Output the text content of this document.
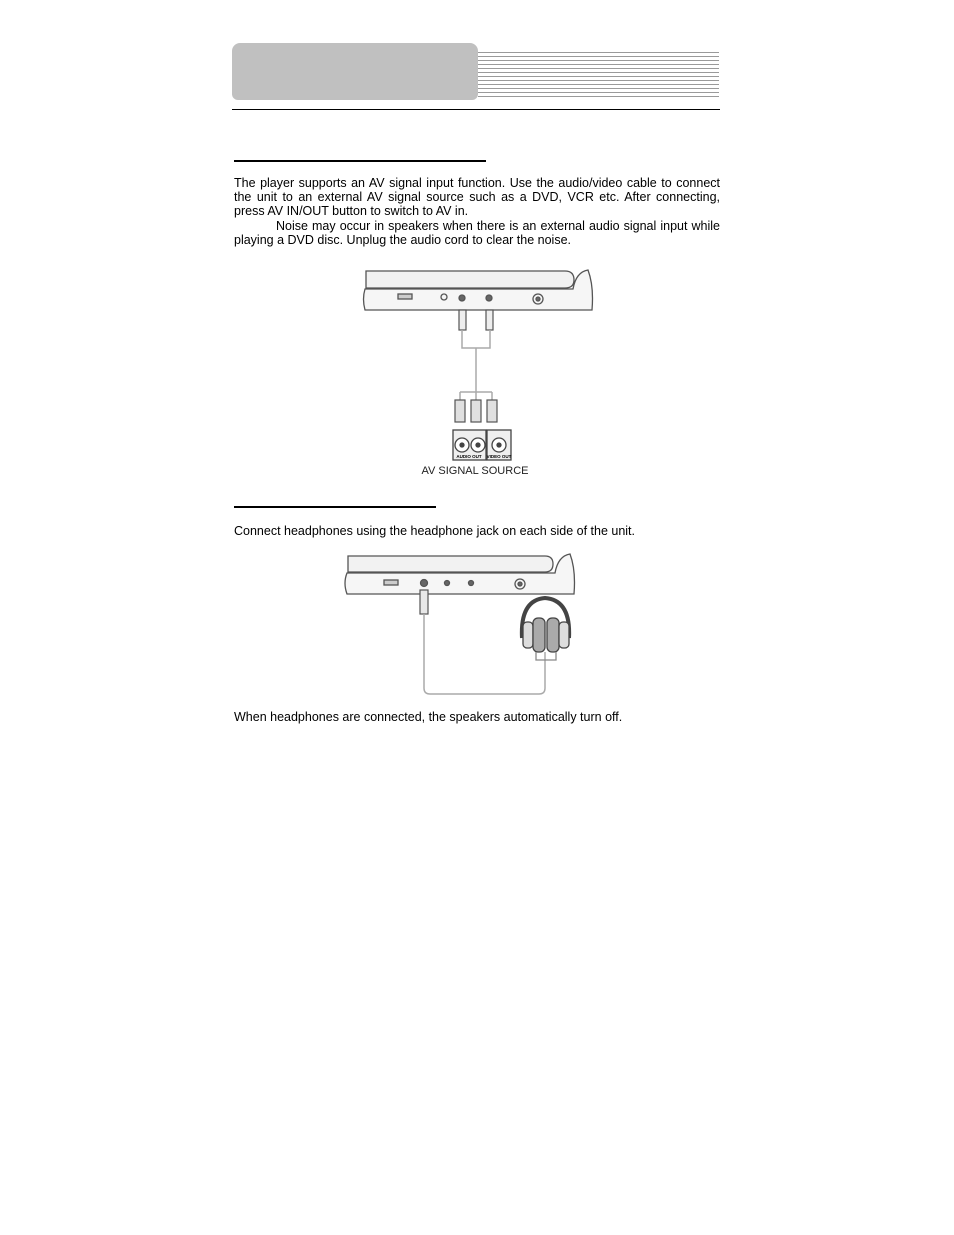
The player supports an AV signal input function. Use the audio/video cable to connect the unit to an external AV signal source such as a DVD, VCR etc. After connecting, press AV IN/OUT button to switch to AV in.

Noise may occur in speakers when there is an external audio signal input while playing a DVD disc. Unplug the audio cord to clear the noise.

AUDIO OUT VIDEO OUT
AV SIGNAL SOURCE

Connect headphones using the headphone jack on each side of the unit.

When headphones are connected, the speakers automatically turn off.
